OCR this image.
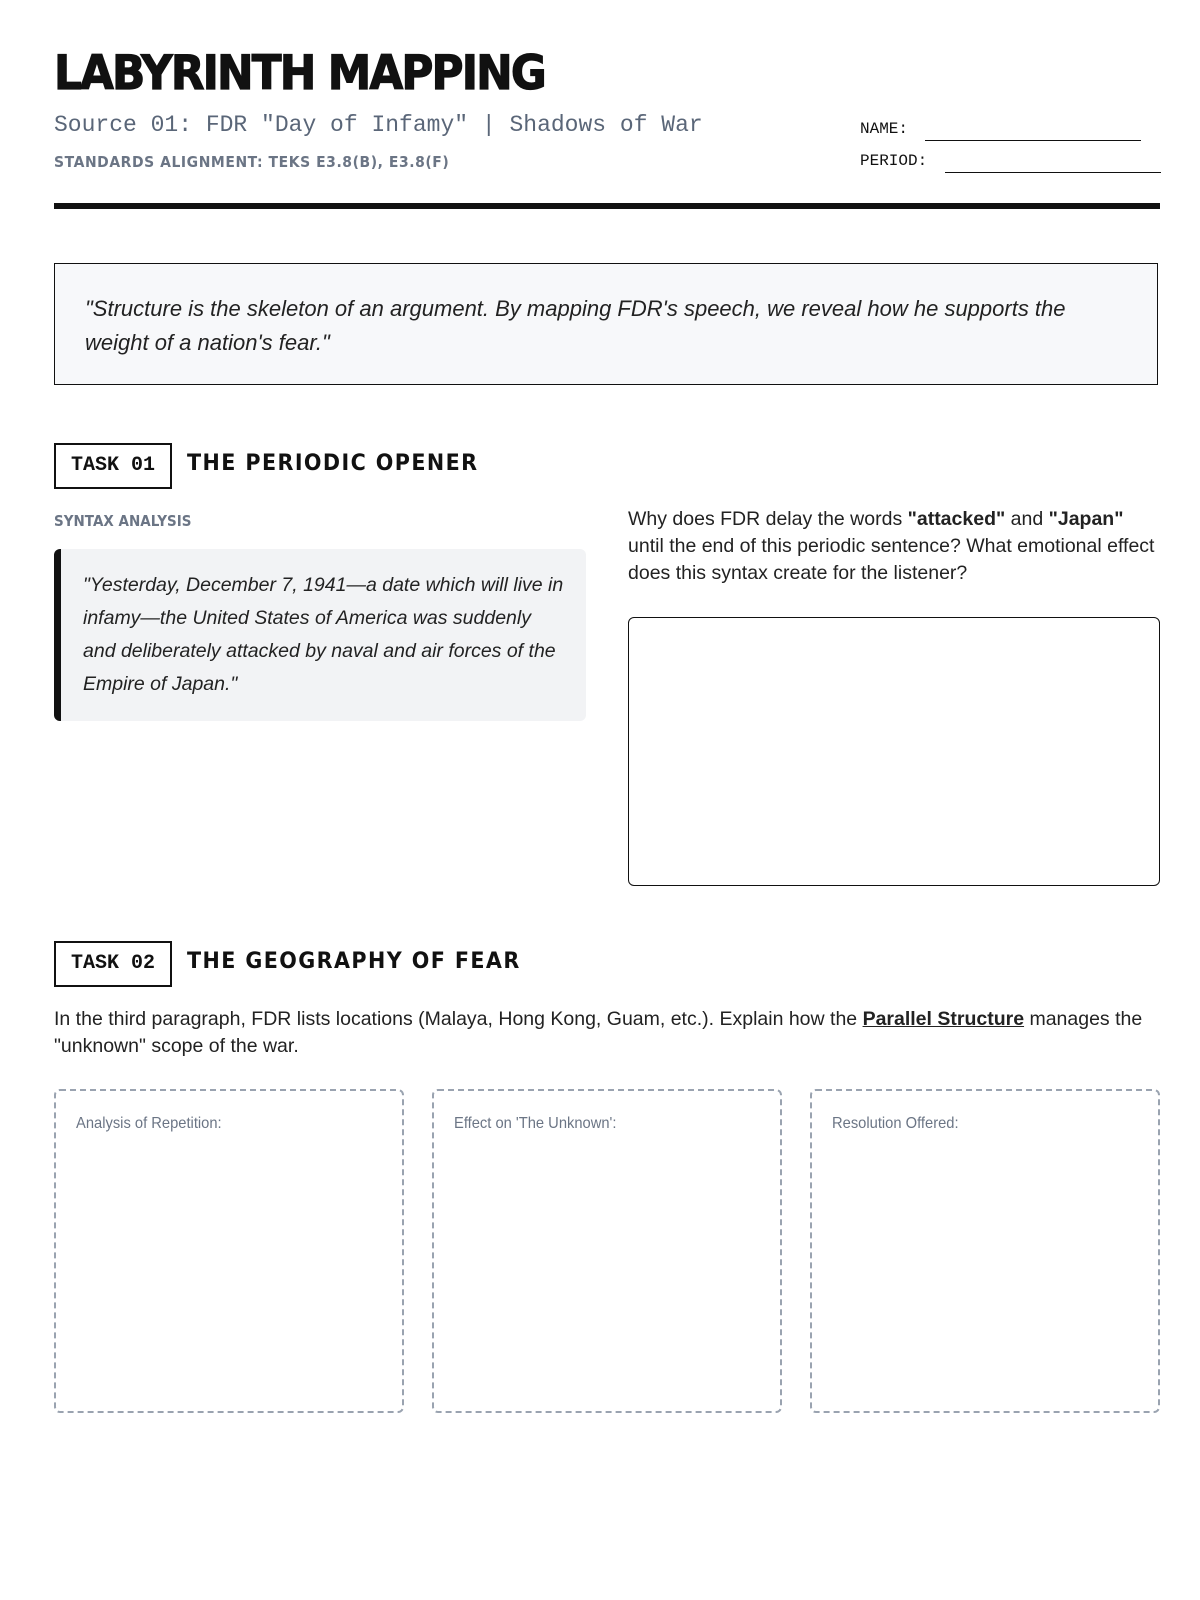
LABYRINTH MAPPING
Source 01: FDR "Day of Infamy" | Shadows of War
STANDARDS ALIGNMENT: TEKS E3.8(B), E3.8(F)
NAME:
PERIOD:

"Structure is the skeleton of an argument. By mapping FDR's speech, we reveal how he supports the weight of a nation's fear."

TASK 01	THE PERIODIC OPENER
SYNTAX ANALYSIS

"Yesterday, December 7, 1941—a date which will live in infamy—the United States of America was suddenly and deliberately attacked by naval and air forces of the Empire of Japan."

Why does FDR delay the words "attacked" and "Japan" until the end of this periodic sentence? What emotional effect does this syntax create for the listener?

TASK 02	THE GEOGRAPHY OF FEAR

In the third paragraph, FDR lists locations (Malaya, Hong Kong, Guam, etc.). Explain how the Parallel Structure manages the "unknown" scope of the war.

Analysis of Repetition:	Effect on 'The Unknown':	Resolution Offered:
